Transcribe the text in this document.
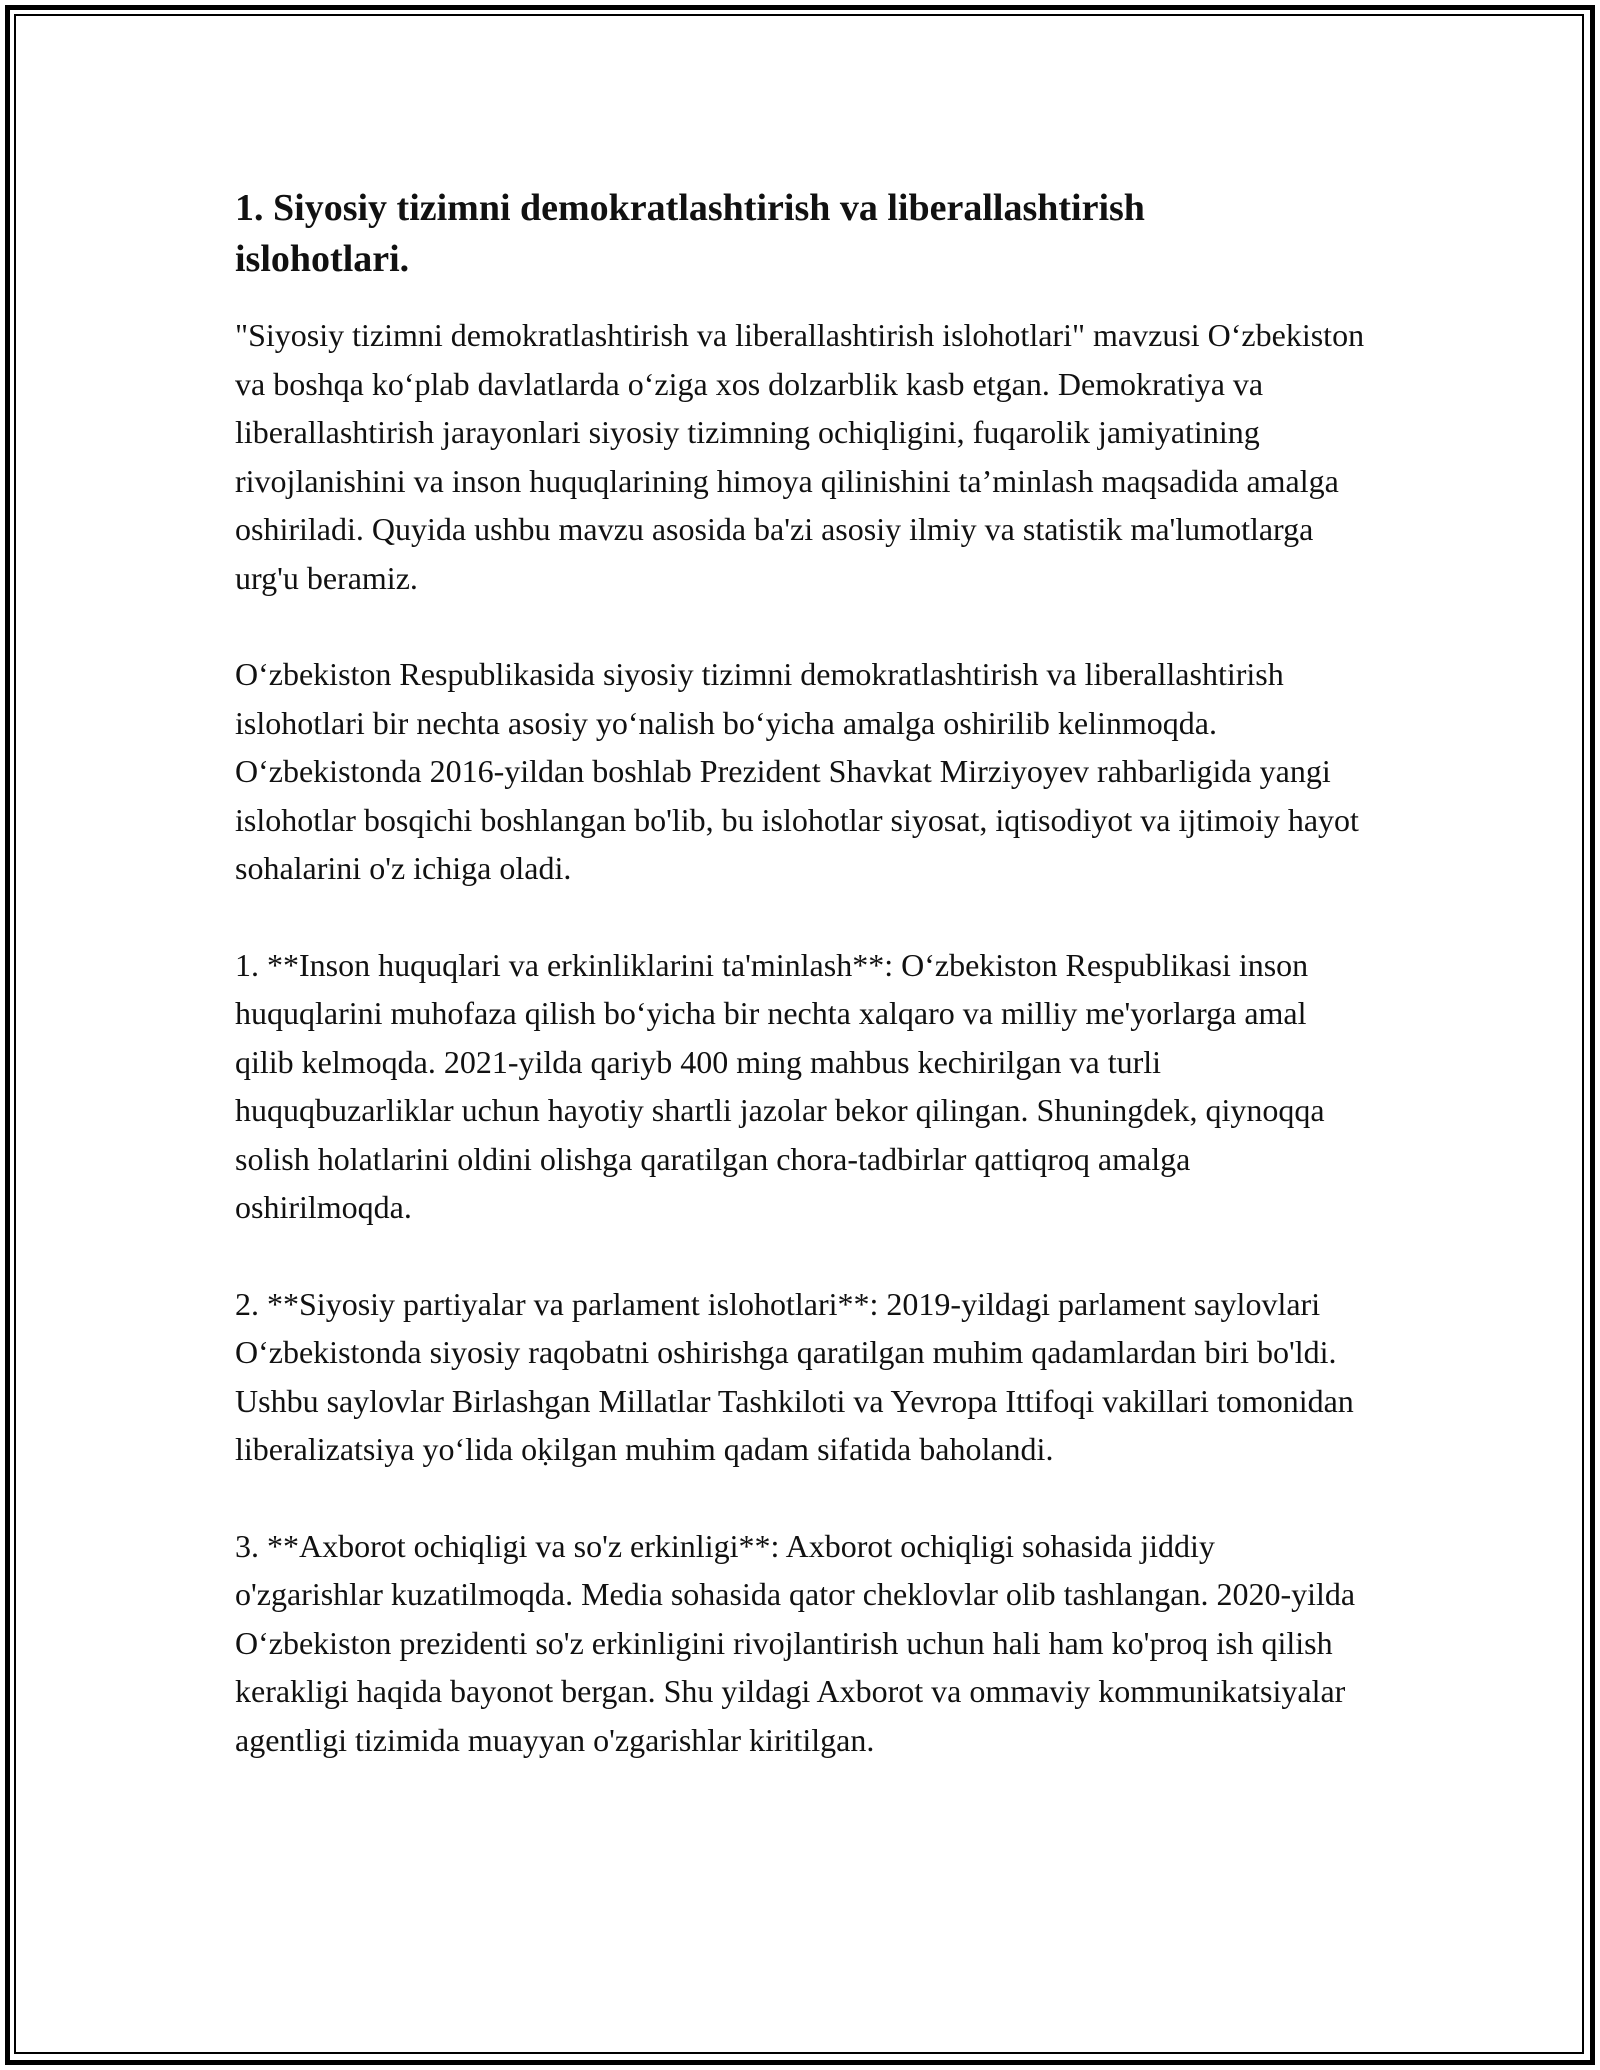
1. Siyosiy tizimni demokratlashtirish va liberallashtirish islohotlari.

"Siyosiy tizimni demokratlashtirish va liberallashtirish islohotlari" mavzusi O‘zbekiston va boshqa ko‘plab davlatlarda o‘ziga xos dolzarblik kasb etgan. Demokratiya va liberallashtirish jarayonlari siyosiy tizimning ochiqligini, fuqarolik jamiyatining rivojlanishini va inson huquqlarining himoya qilinishini ta’minlash maqsadida amalga oshiriladi. Quyida ushbu mavzu asosida ba'zi asosiy ilmiy va statistik ma'lumotlarga urg'u beramiz.

O‘zbekiston Respublikasida siyosiy tizimni demokratlashtirish va liberallashtirish islohotlari bir nechta asosiy yo‘nalish bo‘yicha amalga oshirilib kelinmoqda. O‘zbekistonda 2016-yildan boshlab Prezident Shavkat Mirziyoyev rahbarligida yangi islohotlar bosqichi boshlangan bo'lib, bu islohotlar siyosat, iqtisodiyot va ijtimoiy hayot sohalarini o'z ichiga oladi.

1. **Inson huquqlari va erkinliklarini ta'minlash**: O‘zbekiston Respublikasi inson huquqlarini muhofaza qilish bo‘yicha bir nechta xalqaro va milliy me'yorlarga amal qilib kelmoqda. 2021-yilda qariyb 400 ming mahbus kechirilgan va turli huquqbuzarliklar uchun hayotiy shartli jazolar bekor qilingan. Shuningdek, qiynoqqa solish holatlarini oldini olishga qaratilgan chora-tadbirlar qattiqroq amalga oshirilmoqda.

2. **Siyosiy partiyalar va parlament islohotlari**: 2019-yildagi parlament saylovlari O‘zbekistonda siyosiy raqobatni oshirishga qaratilgan muhim qadamlardan biri bo'ldi. Ushbu saylovlar Birlashgan Millatlar Tashkiloti va Yevropa Ittifoqi vakillari tomonidan liberalizatsiya yo‘lida oḳilgan muhim qadam sifatida baholandi.

3. **Axborot ochiqligi va so'z erkinligi**: Axborot ochiqligi sohasida jiddiy o'zgarishlar kuzatilmoqda. Media sohasida qator cheklovlar olib tashlangan. 2020-yilda O‘zbekiston prezidenti so'z erkinligini rivojlantirish uchun hali ham ko'proq ish qilish kerakligi haqida bayonot bergan. Shu yildagi Axborot va ommaviy kommunikatsiyalar agentligi tizimida muayyan o'zgarishlar kiritilgan.
